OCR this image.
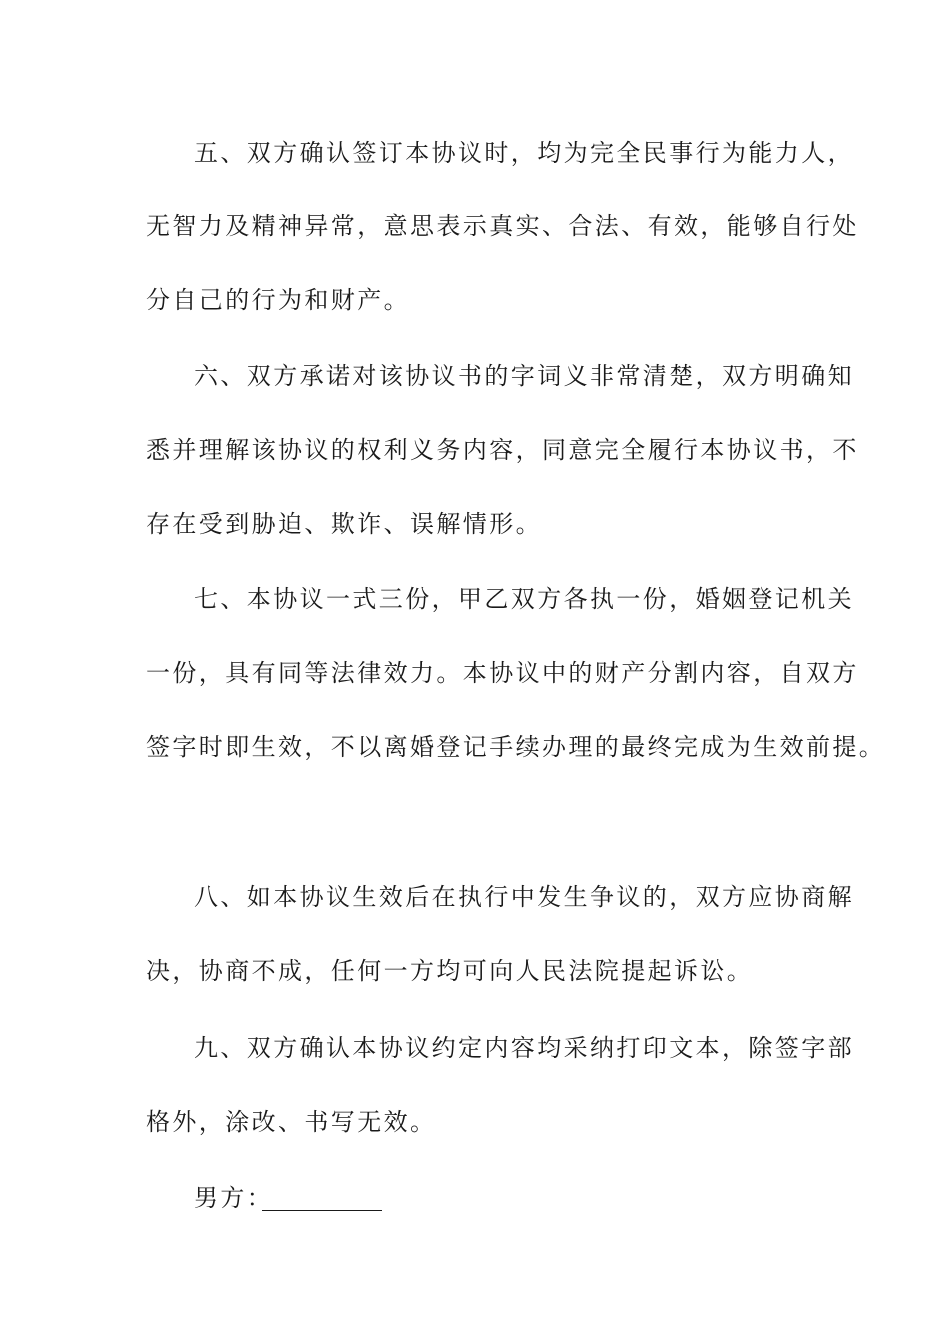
五、双方确认签订本协议时，均为完全民事行为能力人，

无智力及精神异常，意思表示真实、合法、有效，能够自行处

分自己的行为和财产。

六、双方承诺对该协议书的字词义非常清楚，双方明确知

悉并理解该协议的权利义务内容，同意完全履行本协议书，不

存在受到胁迫、欺诈、误解情形。

七、本协议一式三份，甲乙双方各执一份，婚姻登记机关

一份，具有同等法律效力。本协议中的财产分割内容，自双方

签字时即生效，不以离婚登记手续办理的最终完成为生效前提。

八、如本协议生效后在执行中发生争议的，双方应协商解

决，协商不成，任何一方均可向人民法院提起诉讼。

九、双方确认本协议约定内容均采纳打印文本，除签字部

格外，涂改、书写无效。

男方：
